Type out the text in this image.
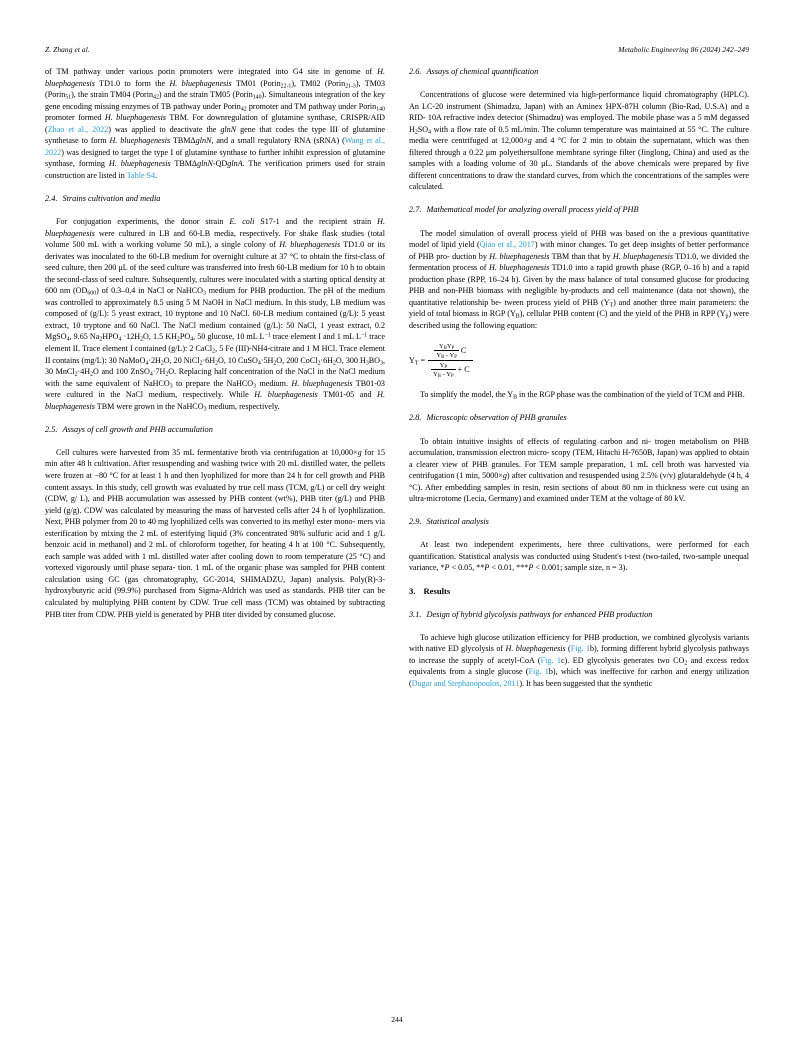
Z. Zhang et al.	Metabolic Engineering 86 (2024) 242–249

of TM pathway under various porin promoters were integrated into G4 site in genome of H. bluephagenesis TD1.0 to form the H. bluephagenesis TM01 (Porin$_{22-1}$), TM02 (Porin$_{21-3}$), TM03 (Porin$_{51}$), the strain TM04 (Porin$_{42}$) and the strain TM05 (Porin$_{140}$). Simultaneous integration of the key gene encoding missing enzymes of TB pathway under Porin$_{42}$ promoter and TM pathway under Porin$_{140}$ promoter formed H. bluephagenesis TBM. For downregulation of glutamine synthase, CRISPR/AID (Zhao et al., 2022) was applied to deactivate the glnN gene that codes the type III of glutamine synthetase to form H. bluephagenesis TBMΔglnN, and a small regulatory RNA (sRNA) (Wang et al., 2022) was designed to target the type I of glutamine synthase to further inhibit expression of glutamine synthase, forming H. bluephagenesis TBMΔglnN-QDglnA. The verification primers used for strain construction are listed in Table S4.

2.4. Strains cultivation and media

For conjugation experiments, the donor strain E. coli S17-1 and the recipient strain H. bluephagenesis were cultured in LB and 60-LB media, respectively. For shake flask studies (total volume 500 mL with a working volume 50 mL), a single colony of H. bluephagenesis TD1.0 or its derivates was inoculated to the 60-LB medium for overnight culture at 37 °C to obtain the first-class of seed culture, then 200 μL of the seed culture was transferred into fresh 60-LB medium for 10 h to obtain the second-class of seed culture. Subsequently, cultures were inoculated with a starting optical density at 600 nm $(OD_{600})$ of 0.3–0.4 in NaCl or NaHCO$_3$ medium for PHB production. The pH of the medium was controlled to approximately 8.5 using 5 M NaOH in NaCl medium. In this study, LB medium was composed of (g/L): 5 yeast extract, 10 tryptone and 10 NaCl. 60-LB medium contained (g/L): 5 yeast extract, 10 tryptone and 60 NaCl. The NaCl medium contained (g/L): 50 NaCl, 1 yeast extract, 0.2 MgSO$_4$, 9.65 $Na_2HPO_4 \cdot 12H_2O$, 1.5 $KH_2PO_4$, 50 glucose, 10 mL $L^{-1}$ trace element I and 1 mL $L^{-1}$ trace element II. Trace element I contained (g/L): 2 CaCl$_2$, 5 Fe (III)-NH4-citrate and 1 M HCl. Trace element II contains (mg/L): 30 $NaMoO_4\cdot 2H_2O$, 20 $NiCl_2\cdot 6H_2O$, 10 $CuSO_4\cdot 5H_2O$, 200 $CoCl_2\cdot 6H_2O$, 300 $H_3BO_3$, 30 $MnCl_2\cdot 4H_2O$ and 100 $ZnSO_4\cdot 7H_2O$. Replacing half concentration of the NaCl in the NaCl medium with the same equivalent of NaHCO$_3$ to prepare the NaHCO$_3$ medium. H. bluephagenesis TB01-03 were cultured in the NaCl medium, respectively. While H. bluephagenesis TM01-05 and H. bluephagenesis TBM were grown in the NaHCO$_3$ medium, respectively.

2.5. Assays of cell growth and PHB accumulation

Cell cultures were harvested from 35 mL fermentative broth via centrifugation at 10,000×g for 15 min after 48 h cultivation. After resuspending and washing twice with 20 mL distilled water, the pellets were frozen at −80 °C for at least 1 h and then lyophilized for more than 24 h for cell growth and PHB content assays. In this study, cell growth was evaluated by true cell mass (TCM, g/L) or cell dry weight (CDW, g/ L), and PHB accumulation was assessed by PHB content (wt%), PHB titer (g/L) and PHB yield (g/g). CDW was calculated by measuring the mass of harvested cells after 24 h of lyophilization. Next, PHB polymer from 20 to 40 mg lyophilized cells was converted to its methyl ester mono- mers via esterification by mixing the 2 mL of esterifying liquid (3% concentrated 98% sulfuric acid and 1 g/L benzoic acid in methanol) and 2 mL of chloroform together, for heating 4 h at 100 °C. Subsequently, each sample was added with 1 mL distilled water after cooling down to room temperature (25 °C) and vortexed vigorously until phase separa- tion. 1 mL of the organic phase was sampled for PHB content calculation using GC (gas chromatography, GC-2014, SHIMADZU, Japan) analysis. Poly(R)-3-hydroxybutyric acid (99.9%) purchased from Sigma-Aldrich was used as standards. PHB titer can be calculated by multiplying PHB content by CDW. True cell mass (TCM) was obtained by subtracting PHB titer from CDW. PHB yield is generated by PHB titer divided by consumed glucose.

2.6. Assays of chemical quantification

Concentrations of glucose were determined via high-performance liquid chromatography (HPLC). An LC-20 instrument (Shimadzu, Japan) with an Aminex HPX-87H column (Bio-Rad, U.S.A) and a RID- 10A refractive index detector (Shimadzu) was employed. The mobile phase was a 5 mM degassed $H_2SO_4$ with a flow rate of 0.5 mL/min. The column temperature was maintained at 55 °C. The culture media were centrifuged at 12,000×g and 4 °C for 2 min to obtain the supernatant, which was then filtered through a 0.22 μm polyethersulfone membrane syringe filter (Jinglong, China) and used as the samples with a loading volume of 30 μL. Standards of the above chemicals were prepared by five different concentrations to draw the standard curves, from which the concentrations of the samples were calculated.

2.7. Mathematical model for analyzing overall process yield of PHB

The model simulation of overall process yield of PHB was based on the a previous quantitative model of lipid yield (Qiao et al., 2017) with minor changes. To get deep insights of better performance of PHB pro- duction by H. bluephagenesis TBM than that by H. bluephagenesis TD1.0, we divided the fermentation process of H. bluephagenesis TD1.0 into a rapid growth phase (RGP, 0–16 h) and a rapid production phase (RPP, 16–24 h). Given by the mass balance of total consumed glucose for producing PHB and non-PHB biomass with negligible by-products and cell maintenance (data not shown), the quantitative relationship be- tween process yield of PHB $(Y_T)$ and another three main parameters: the yield of total biomass in RGP $(Y_B)$, cellular PHB content (C) and the yield of the PHB in RPP $(Y_p)$ were described using the following equation:

$Y_T = Y_BY_P$
$Y_B - Y_P$
C
$\frac{Y_P}{Y_B - Y_P} + C$

To simplify the model, the $Y_B$ in the RGP phase was the combination of the yield of TCM and PHB.

2.8. Microscopic observation of PHB granules

To obtain intuitive insights of effects of regulating carbon and ni- trogen metabolism on PHB accumulation, transmission electron micro- scopy (TEM, Hitachi H-7650B, Japan) was applied to obtain a clearer view of PHB granules. For TEM sample preparation, 1 mL cell broth was harvested via centrifugation (1 min, 5000×g) after cultivation and resuspended using 2.5% (v/v) glutaraldehyde (4 h, 4 °C). After embedding samples in resin, resin sections of about 80 nm in thickness were cut using an ultra-microtome (Lecia, Germany) and examined under TEM at the voltage of 80 kV.

2.9. Statistical analysis

At least two independent experiments, here three cultivations, were performed for each quantification. Statistical analysis was conducted using Student's t-test (two-tailed, two-sample unequal variance, *P < 0.05, **P < 0.01, ***P < 0.001; sample size, n = 3).

3. Results
3.1. Design of hybrid glycolysis pathways for enhanced PHB production

To achieve high glucose utilization efficiency for PHB production, we combined glycolysis variants with native ED glycolysis of H. bluephagenesis (Fig. 1b), forming different hybrid glycolysis pathways to increase the supply of acetyl-CoA (Fig. 1c). ED glycolysis generates two $CO_2$ and excess redox equivalents from a single glucose (Fig. 1b), which was ineffective for carbon and energy utilization (Dugar and Stephanopoulos, 2011). It has been suggested that the synthetic

244
